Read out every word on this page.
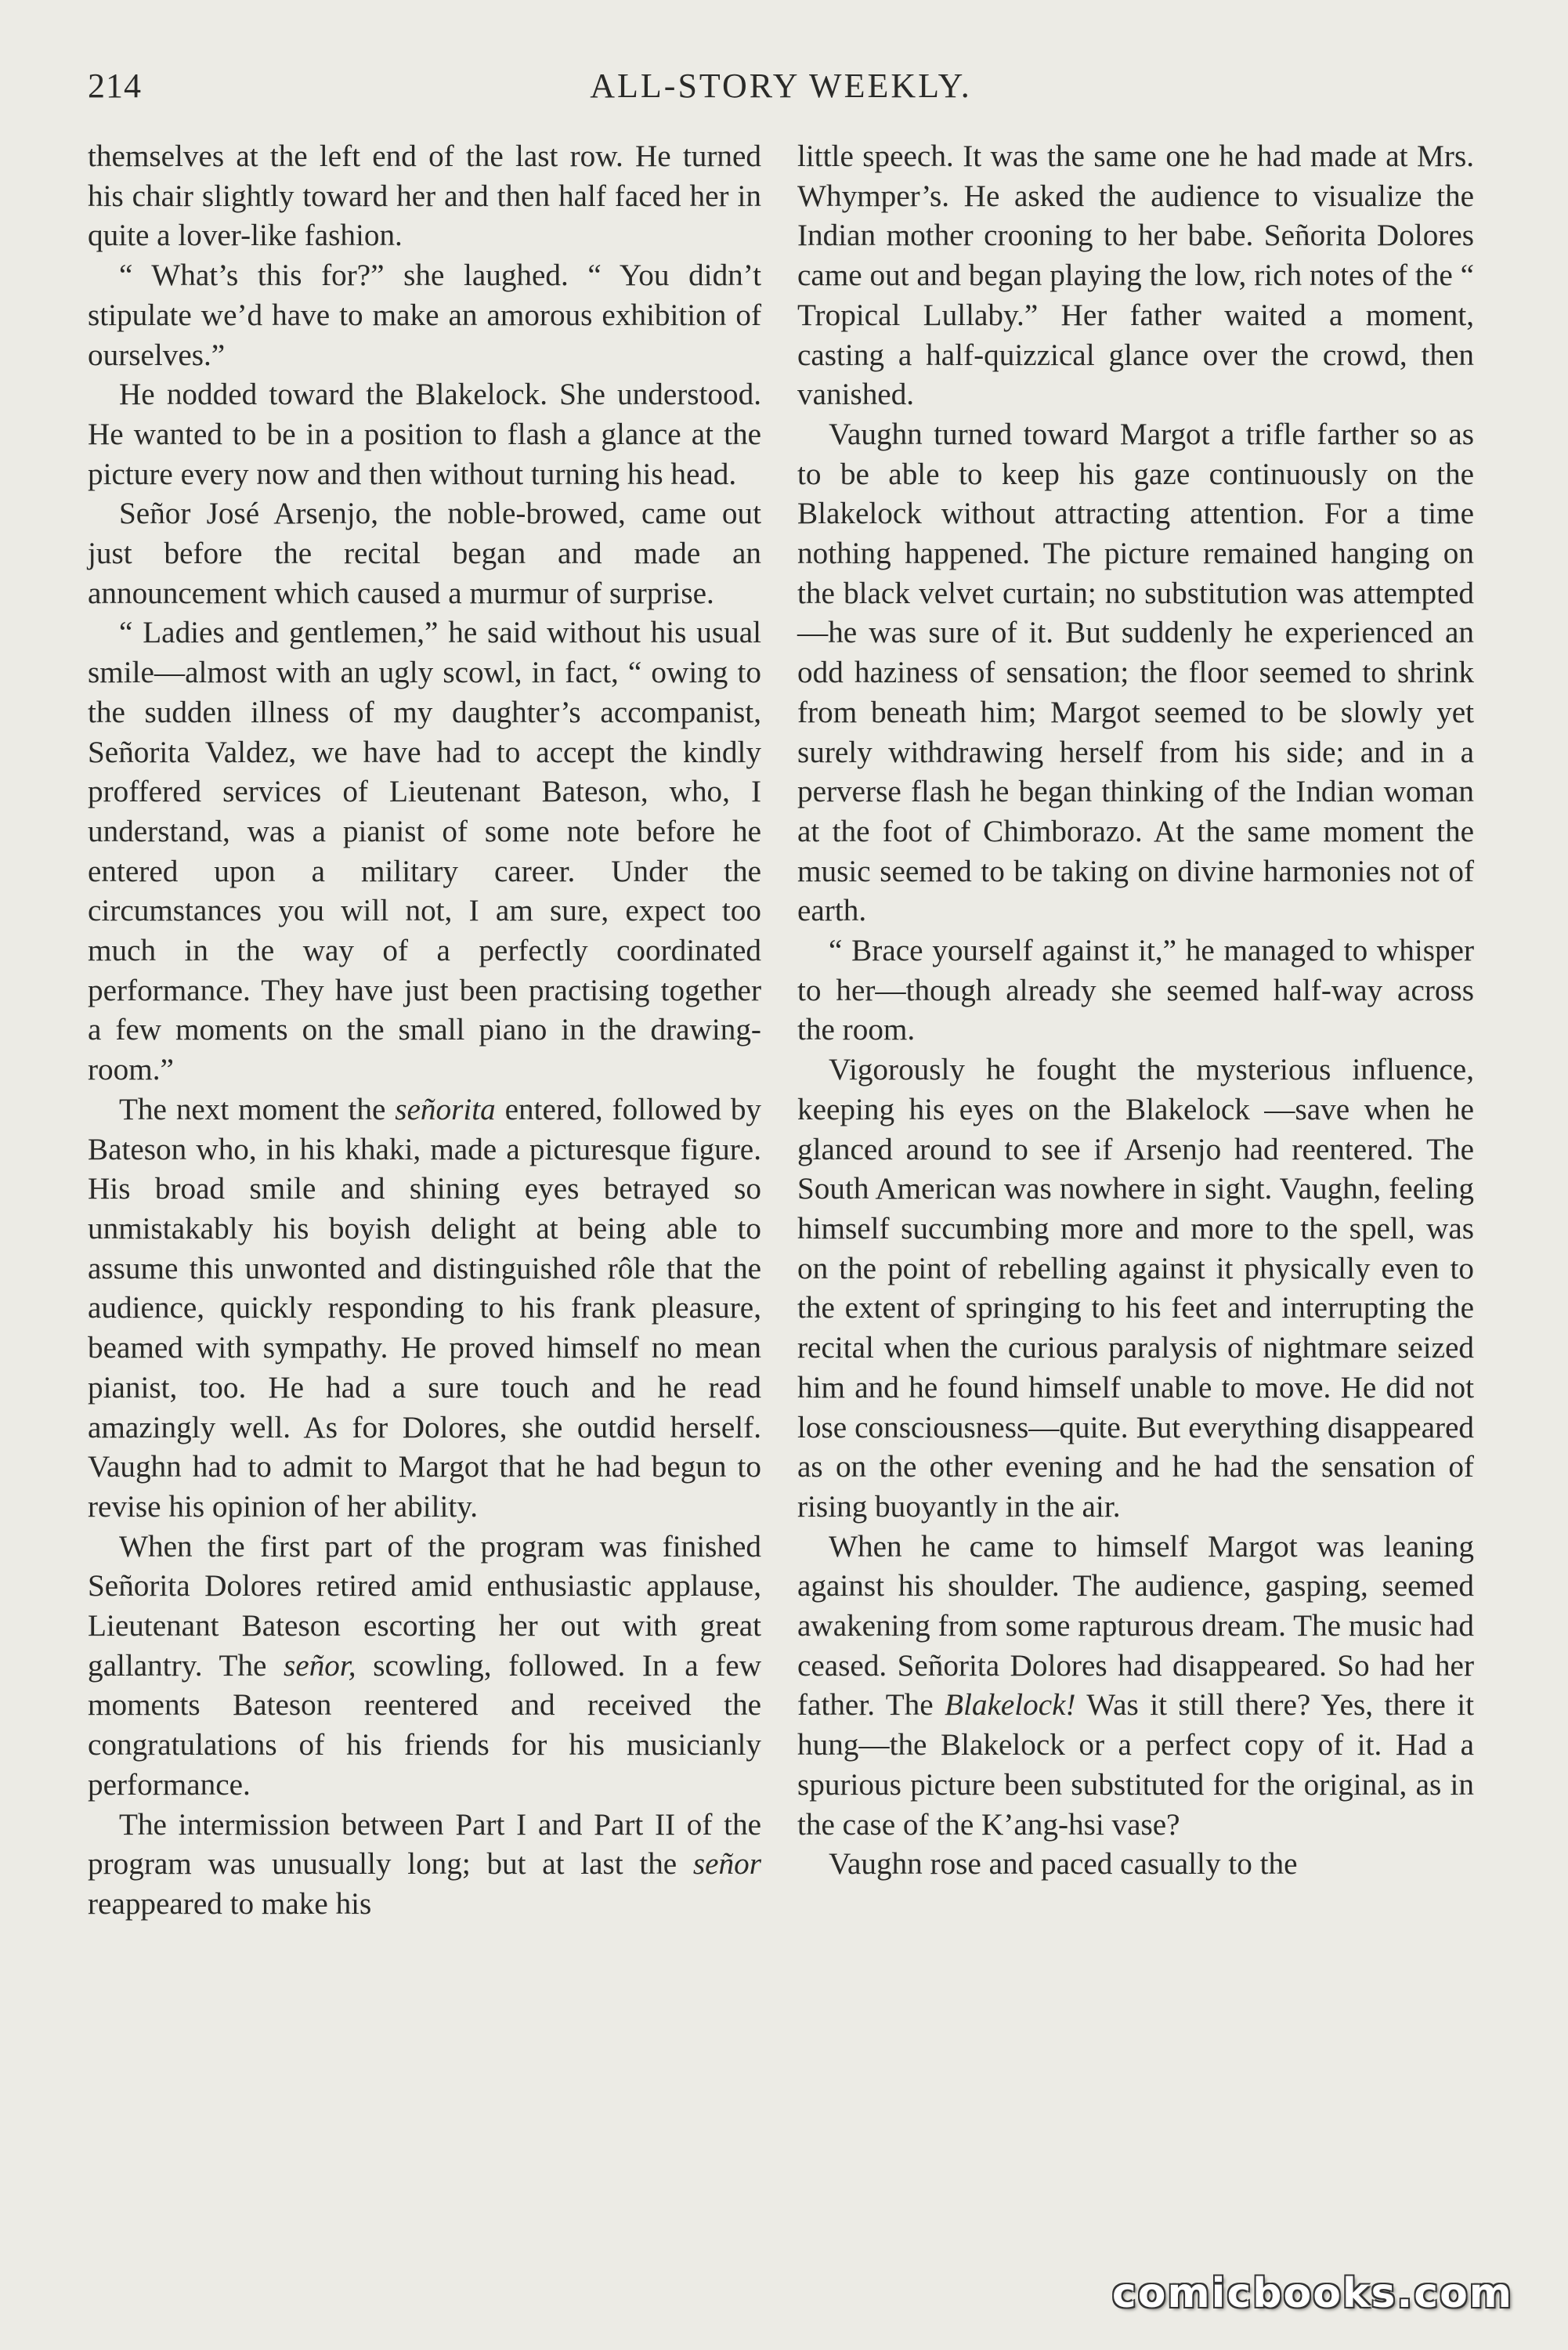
214	ALL-STORY WEEKLY.

themselves at the left end of the last row. He turned his chair slightly toward her and then half faced her in quite a lover-like fashion.

“ What’s this for?” she laughed. “ You didn’t stipulate we’d have to make an amorous exhibition of ourselves.”

He nodded toward the Blakelock. She understood. He wanted to be in a position to flash a glance at the picture every now and then without turning his head.

Señor José Arsenjo, the noble-browed, came out just before the recital began and made an announcement which caused a murmur of surprise.

“ Ladies and gentlemen,” he said without his usual smile—almost with an ugly scowl, in fact, “ owing to the sudden illness of my daughter’s accompanist, Señorita Valdez, we have had to accept the kindly proffered services of Lieutenant Bateson, who, I understand, was a pianist of some note before he entered upon a military career. Under the circumstances you will not, I am sure, expect too much in the way of a perfectly coordinated performance. They have just been practising together a few moments on the small piano in the drawing-room.”

The next moment the señorita entered, followed by Bateson who, in his khaki, made a picturesque figure. His broad smile and shining eyes betrayed so unmistakably his boyish delight at being able to assume this unwonted and distinguished rôle that the audience, quickly responding to his frank pleasure, beamed with sympathy. He proved himself no mean pianist, too. He had a sure touch and he read amazingly well. As for Dolores, she outdid herself. Vaughn had to admit to Margot that he had begun to revise his opinion of her ability.

When the first part of the program was finished Señorita Dolores retired amid enthusiastic applause, Lieutenant Bateson escorting her out with great gallantry. The señor, scowling, followed. In a few moments Bateson reentered and received the congratulations of his friends for his musicianly performance.

The intermission between Part I and Part II of the program was unusually long; but at last the señor reappeared to make his

little speech. It was the same one he had made at Mrs. Whymper’s. He asked the audience to visualize the Indian mother crooning to her babe. Señorita Dolores came out and began playing the low, rich notes of the “ Tropical Lullaby.” Her father waited a moment, casting a half-quizzical glance over the crowd, then vanished.

Vaughn turned toward Margot a trifle farther so as to be able to keep his gaze continuously on the Blakelock without attracting attention. For a time nothing happened. The picture remained hanging on the black velvet curtain; no substitution was attempted—he was sure of it. But suddenly he experienced an odd haziness of sensation; the floor seemed to shrink from beneath him; Margot seemed to be slowly yet surely withdrawing herself from his side; and in a perverse flash he began thinking of the Indian woman at the foot of Chimborazo. At the same moment the music seemed to be taking on divine harmonies not of earth.

“ Brace yourself against it,” he managed to whisper to her—though already she seemed half-way across the room.

Vigorously he fought the mysterious influence, keeping his eyes on the Blakelock —save when he glanced around to see if Arsenjo had reentered. The South American was nowhere in sight. Vaughn, feeling himself succumbing more and more to the spell, was on the point of rebelling against it physically even to the extent of springing to his feet and interrupting the recital when the curious paralysis of nightmare seized him and he found himself unable to move. He did not lose consciousness—quite. But everything disappeared as on the other evening and he had the sensation of rising buoyantly in the air.

When he came to himself Margot was leaning against his shoulder. The audience, gasping, seemed awakening from some rapturous dream. The music had ceased. Señorita Dolores had disappeared. So had her father. The Blakelock! Was it still there? Yes, there it hung—the Blakelock or a perfect copy of it. Had a spurious picture been substituted for the original, as in the case of the K’ang-hsi vase?

Vaughn rose and paced casually to the

comicbooks.com
